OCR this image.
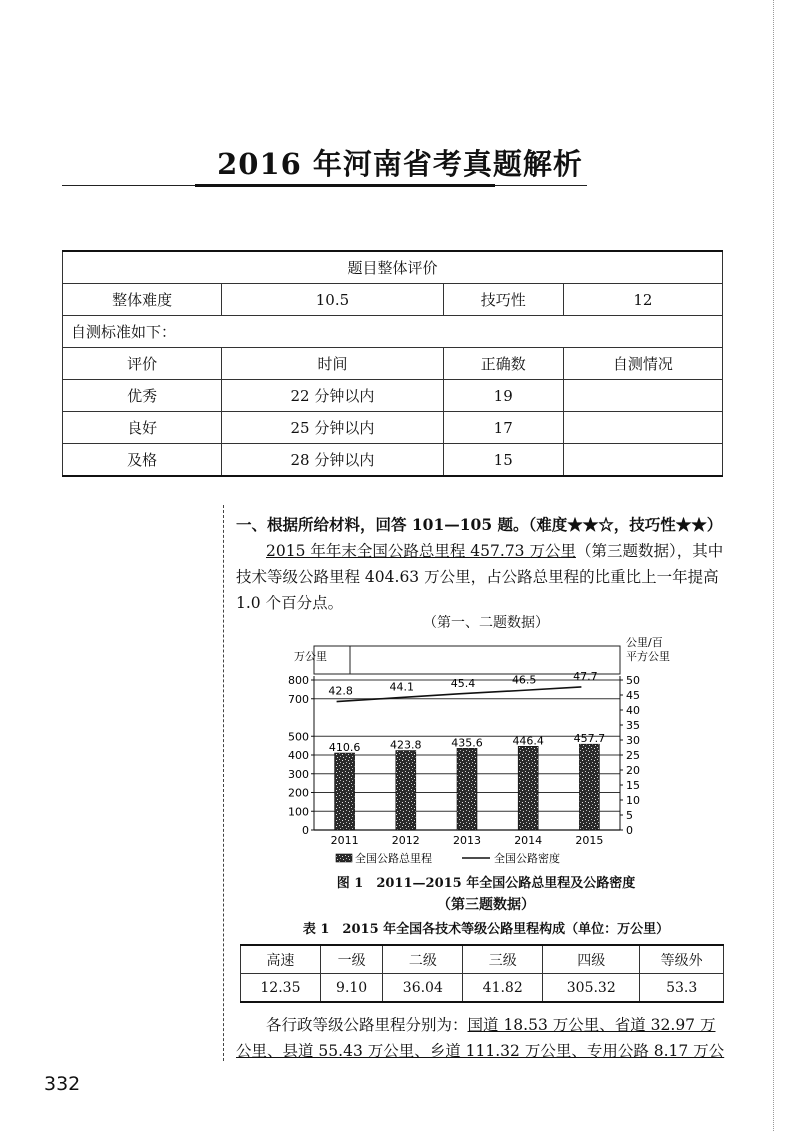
2016 年河南省考真题解析
题目整体评价			
整体难度	10.5	技巧性	12
自测标准如下：			
评价	时间	正确数	自测情况
优秀	22 分钟以内	19	
良好	25 分钟以内	17	
及格	28 分钟以内	15	
一、根据所给材料，回答 101—105 题。（难度★★☆，技巧性★★）
2015 年年末全国公路总里程 457.73 万公里（第三题数据），其中技术等级公路里程 404.63 万公里，占公路总里程的比重比上一年提高 1.0 个百分点。
（第一、二题数据）
万公里
公里/百
平方公里
410.6	423.8	435.6	446.4	457.7
42.8	44.1	45.4	46.5	47.7
0
100
200
300
400
500
700
800
0
5
10
15
20
25
30
35
40
45
50
2011	2012	2013	2014	2015
全国公路总里程	全国公路密度
图 1　2011—2015 年全国公路总里程及公路密度
（第三题数据）
表 1　2015 年全国各技术等级公路里程构成（单位：万公里）
高速	一级	二级	三级	四级	等级外
12.35	9.10	36.04	41.82	305.32	53.3
各行政等级公路里程分别为：国道 18.53 万公里、省道 32.97 万公里、县道 55.43 万公里、乡道 111.32 万公里、专用公路 8.17 万公
332
